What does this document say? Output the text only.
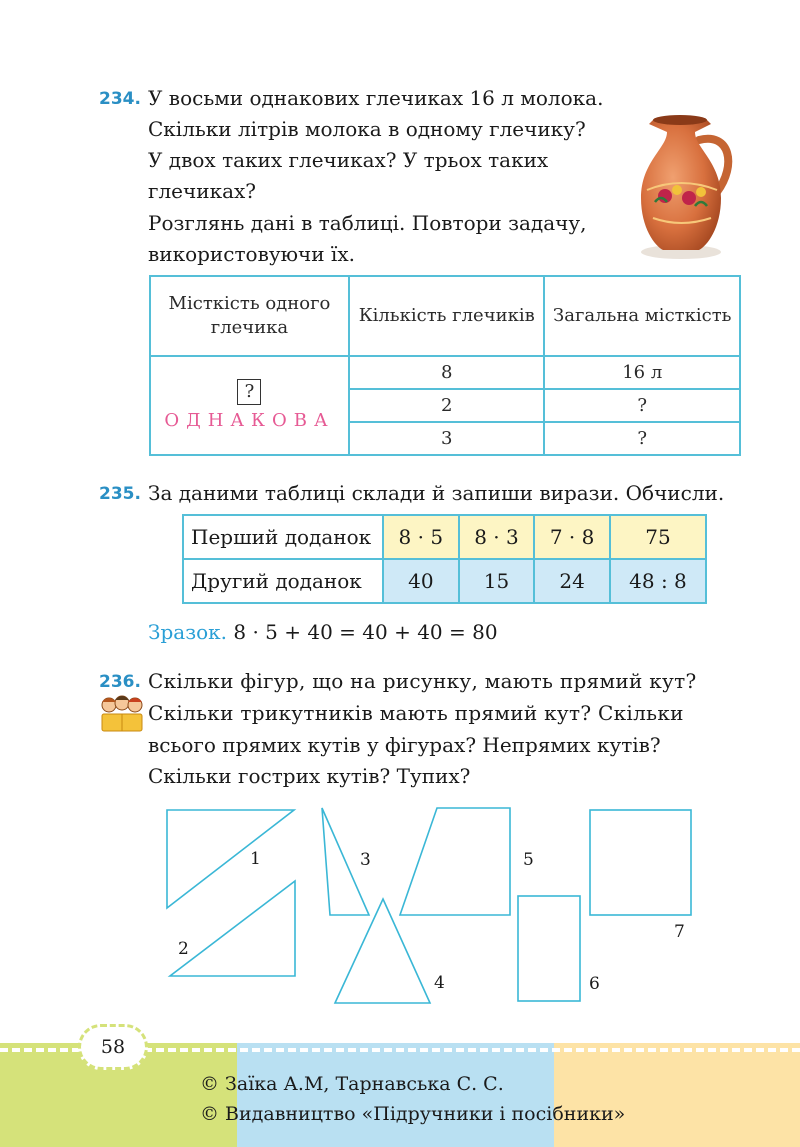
234. У восьми однакових глечиках 16 л молока.
Скільки літрів молока в одному глечику?
У двох таких глечиках? У трьох таких
глечиках?
Розглянь дані в таблиці. Повтори задачу,
використовуючи їх.
Місткість одного глечика	Кількість глечиків	Загальна місткість
?
ОДНАКОВА	8	16 л
	2	?
	3	?
235. За даними таблиці склади й запиши вирази. Обчисли.
Перший доданок	8 · 5	8 · 3	7 · 8	75
Другий доданок	40	15	24	48 : 8
Зразок. 8 · 5 + 40 = 40 + 40 = 80
236. Скільки фігур, що на рисунку, мають прямий кут?
Скільки трикутників мають прямий кут? Скільки
всього прямих кутів у фігурах? Непрямих кутів?
Скільки гострих кутів? Тупих?
1
2
3
4
5
6
7
58
© Заїка А.М, Тарнавська С. С.
© Видавництво «Підручники і посібники»
